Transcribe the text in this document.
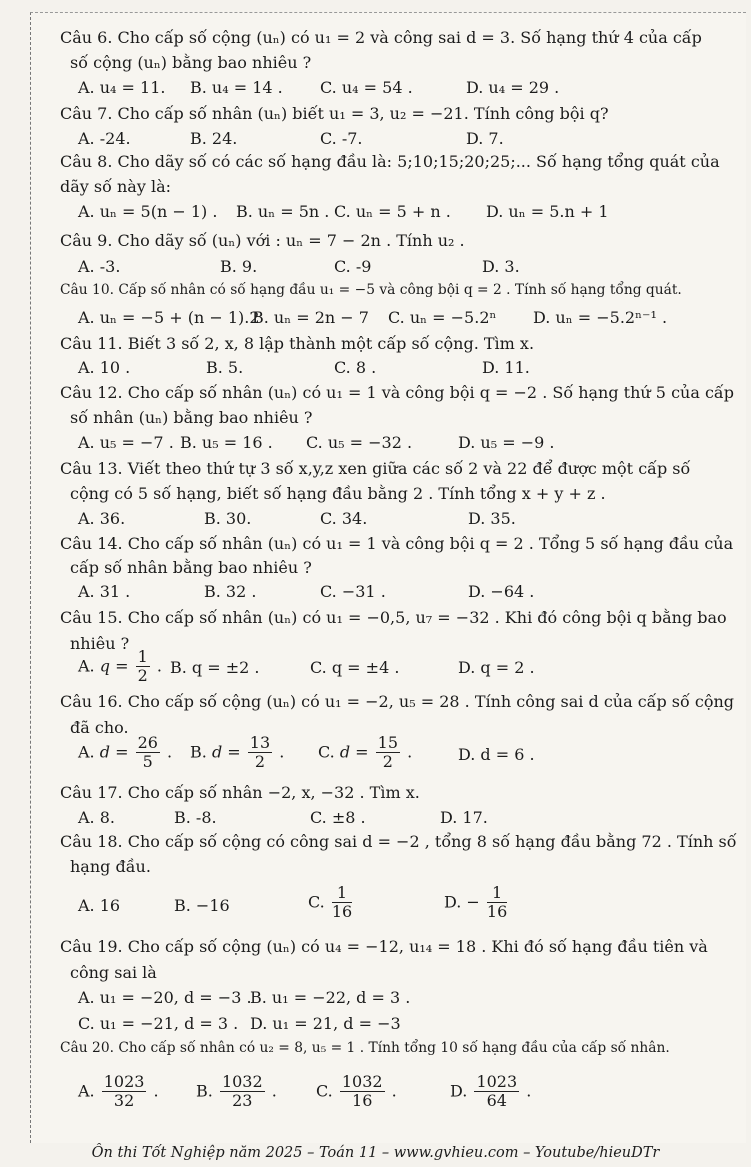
Câu 6. Cho cấp số cộng (uₙ) có u₁ = 2 và công sai d = 3. Số hạng thứ 4 của cấp
số cộng (uₙ) bằng bao nhiêu ?
A. u₄ = 11. B. u₄ = 14 . C. u₄ = 54 .	D. u₄ = 29 .
Câu 7. Cho cấp số nhân (uₙ) biết u₁ = 3, u₂ = −21. Tính công bội q?
A. -24.	B. 24.	C. -7.	D. 7.
Câu 8. Cho dãy số có các số hạng đầu là: 5;10;15;20;25;... Số hạng tổng quát của
dãy số này là:
A. uₙ = 5(n − 1) . B. uₙ = 5n . C. uₙ = 5 + n . D. uₙ = 5.n + 1
Câu 9. Cho dãy số (uₙ) với : uₙ = 7 − 2n . Tính u₂ .
A. -3.	B. 9.	C. -9	D. 3.
Câu 10. Cấp số nhân có số hạng đầu u₁ = −5 và công bội q = 2 . Tính số hạng tổng quát.
A. uₙ = −5 + (n − 1).2
B. uₙ = 2n − 7 C. uₙ = −5.2ⁿ D. uₙ = −5.2ⁿ⁻¹ .
Câu 11. Biết 3 số 2, x, 8 lập thành một cấp số cộng. Tìm x.
A. 10 .	B. 5.	C. 8 .	D. 11.
Câu 12. Cho cấp số nhân (uₙ) có u₁ = 1 và công bội q = −2 . Số hạng thứ 5 của cấp
số nhân (uₙ) bằng bao nhiêu ?
A. u₅ = −7 . B. u₅ = 16 . C. u₅ = −32 .	D. u₅ = −9 .
Câu 13. Viết theo thứ tự 3 số x,y,z xen giữa các số 2 và 22 để được một cấp số
cộng có 5 số hạng, biết số hạng đầu bằng 2 . Tính tổng x + y + z .
A. 36.	B. 30.	C. 34.	D. 35.
Câu 14. Cho cấp số nhân (uₙ) có u₁ = 1 và công bội q = 2 . Tổng 5 số hạng đầu của
cấp số nhân bằng bao nhiêu ?
A. 31 .	B. 32 .	C. −31 .	D. −64 .
Câu 15. Cho cấp số nhân (uₙ) có u₁ = −0,5, u₇ = −32 . Khi đó công bội q bằng bao
nhiêu ?
A. $q = \frac{1}{2}$ . B. q = ±2 .	C. q = ±4 .	D. q = 2 .
Câu 16. Cho cấp số cộng (uₙ) có u₁ = −2, u₅ = 28 . Tính công sai d của cấp số cộng
đã cho.
A. $d = \frac{26}{5}$ . B. $d = \frac{13}{2}$ . C. $d = \frac{15}{2}$ .	D. d = 6 .
Câu 17. Cho cấp số nhân −2, x, −32 . Tìm x.
A. 8.	B. -8.	C. ±8 .	D. 17.
Câu 18. Cho cấp số cộng có công sai d = −2 , tổng 8 số hạng đầu bằng 72 . Tính số
hạng đầu.
A. 16	B. −16	C. $\frac{1}{16}$	D. − $\frac{1}{16}$
Câu 19. Cho cấp số cộng (uₙ) có u₄ = −12, u₁₄ = 18 . Khi đó số hạng đầu tiên và
công sai là
A. u₁ = −20, d = −3 .
B. u₁ = −22, d = 3 .
C. u₁ = −21, d = 3 . D. u₁ = 21, d = −3
Câu 20. Cho cấp số nhân có u₂ = 8, u₅ = 1 . Tính tổng 10 số hạng đầu của cấp số nhân.
A. $\frac{1023}{32}$ . B. $\frac{1032}{23}$ . C. $\frac{1032}{16}$ .	D. $\frac{1023}{64}$ .
Ôn thi Tốt Nghiệp năm 2025 – Toán 11 – www.gvhieu.com – Youtube/hieuDTr
